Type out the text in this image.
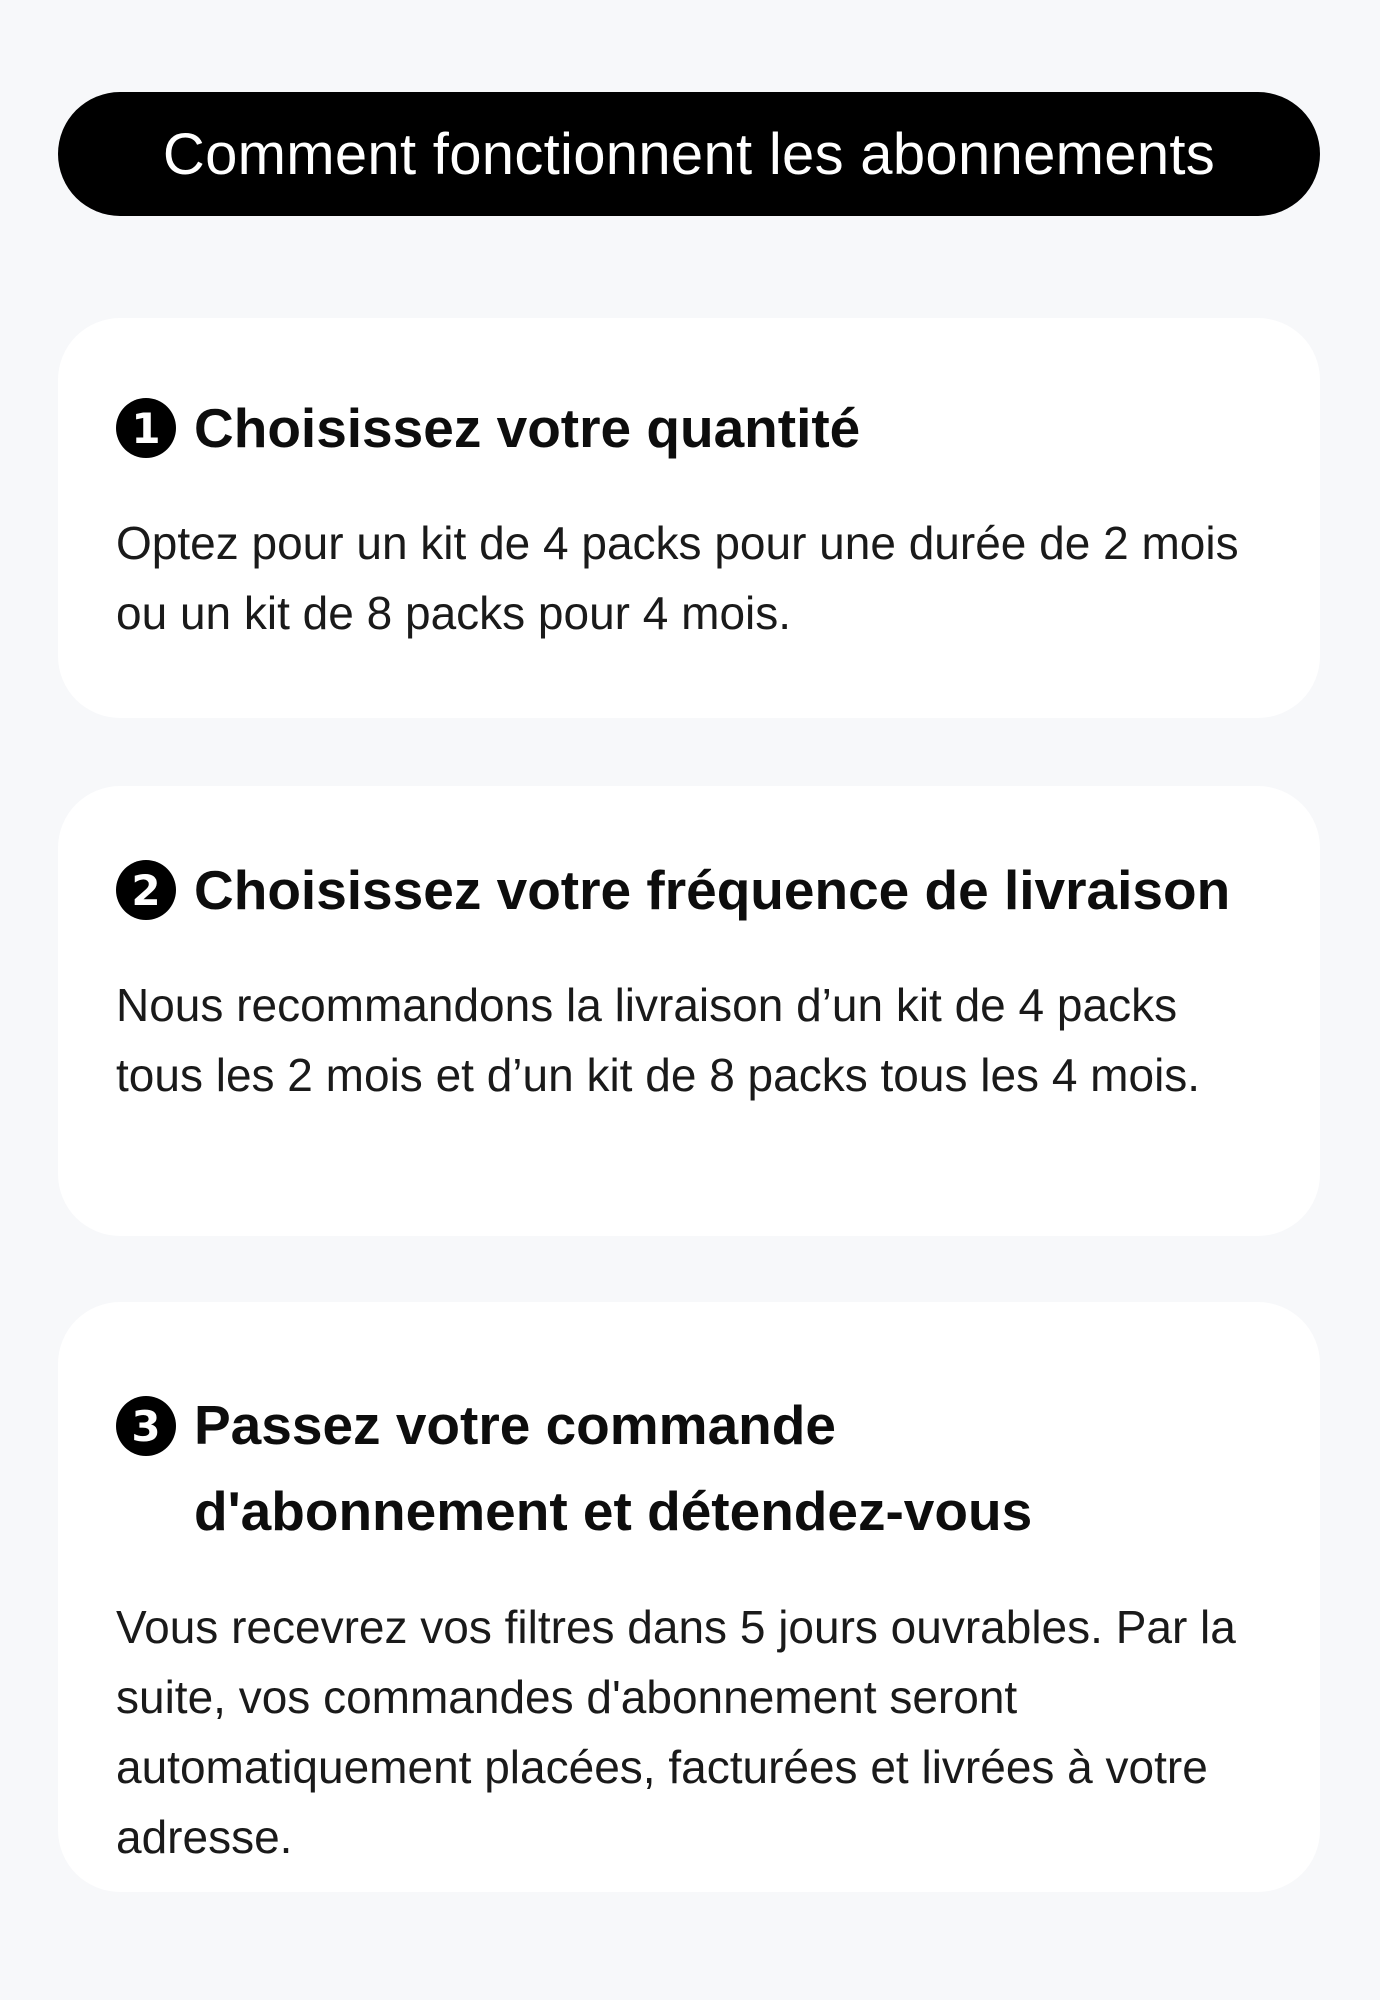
Comment fonctionnent les abonnements
1 Choisissez votre quantité
Optez pour un kit de 4 packs pour une durée de 2 mois ou un kit de 8 packs pour 4 mois.
2 Choisissez votre fréquence de livraison
Nous recommandons la livraison d’un kit de 4 packs tous les 2 mois et d’un kit de 8 packs tous les 4 mois.
3 Passez votre commande d'abonnement et détendez-vous
Vous recevrez vos filtres dans 5 jours ouvrables. Par la suite, vos commandes d'abonnement seront automatiquement placées, facturées et livrées à votre adresse.
